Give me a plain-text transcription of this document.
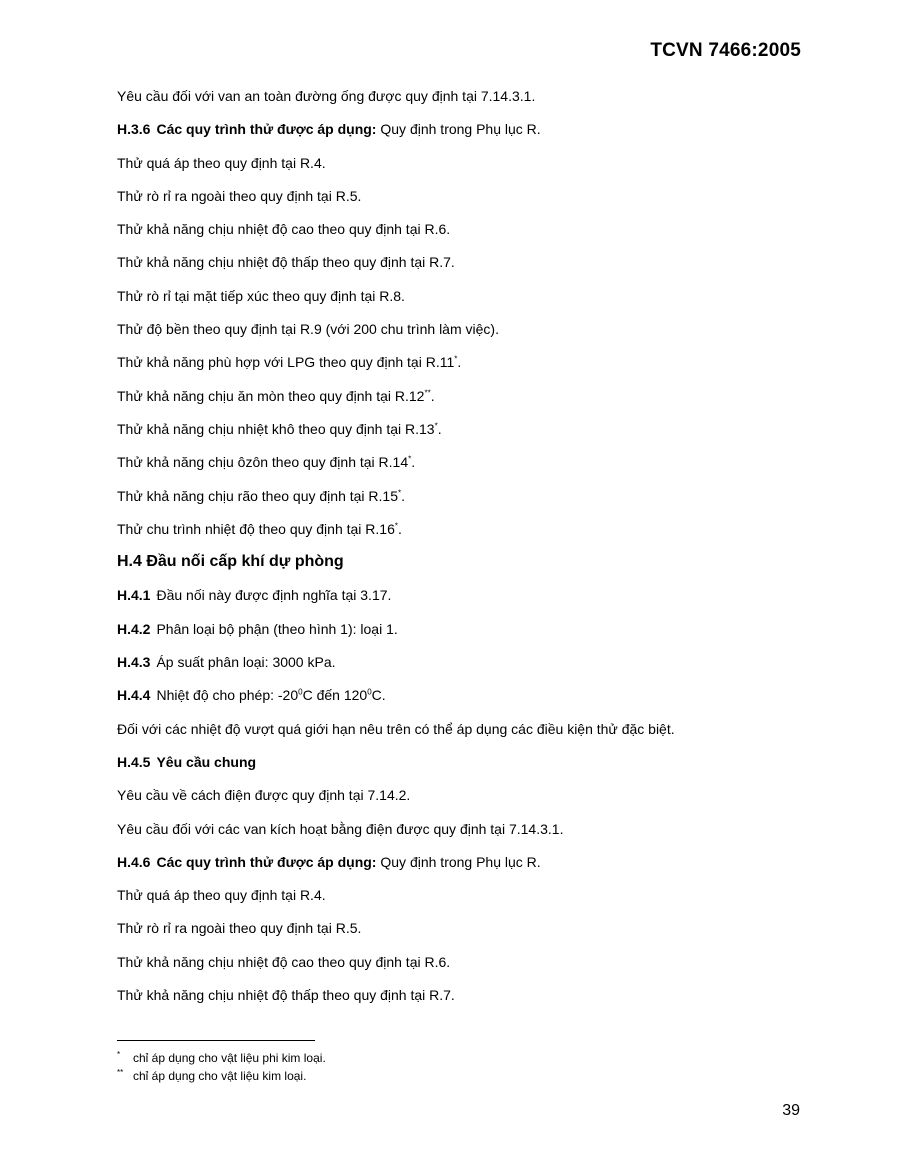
TCVN 7466:2005
Yêu cầu đối với van an toàn đường ống được quy định tại 7.14.3.1.
H.3.6 Các quy trình thử được áp dụng: Quy định trong Phụ lục R.
Thử quá áp theo quy định tại R.4.
Thử rò rỉ ra ngoài theo quy định tại R.5.
Thử khả năng chịu nhiệt độ cao theo quy định tại R.6.
Thử khả năng chịu nhiệt độ thấp theo quy định tại R.7.
Thử rò rỉ tại mặt tiếp xúc theo quy định tại R.8.
Thử độ bền theo quy định tại R.9 (với 200 chu trình làm việc).
Thử khả năng phù hợp với LPG theo quy định tại R.11*.
Thử khả năng chịu ăn mòn theo quy định tại R.12**.
Thử khả năng chịu nhiệt khô theo quy định tại R.13*.
Thử khả năng chịu ôzôn theo quy định tại R.14*.
Thử khả năng chịu rão theo quy định tại R.15*.
Thử chu trình nhiệt độ theo quy định tại R.16*.
H.4 Đầu nối cấp khí dự phòng
H.4.1 Đầu nối này được định nghĩa tại 3.17.
H.4.2 Phân loại bộ phận (theo hình 1): loại 1.
H.4.3 Áp suất phân loại: 3000 kPa.
H.4.4 Nhiệt độ cho phép: $-20^0C$ đến $120^0C$.
Đối với các nhiệt độ vượt quá giới hạn nêu trên có thể áp dụng các điều kiện thử đặc biệt.
H.4.5 Yêu cầu chung
Yêu cầu về cách điện được quy định tại 7.14.2.
Yêu cầu đối với các van kích hoạt bằng điện được quy định tại 7.14.3.1.
H.4.6 Các quy trình thử được áp dụng: Quy định trong Phụ lục R.
Thử quá áp theo quy định tại R.4.
Thử rò rỉ ra ngoài theo quy định tại R.5.
Thử khả năng chịu nhiệt độ cao theo quy định tại R.6.
Thử khả năng chịu nhiệt độ thấp theo quy định tại R.7.
* chỉ áp dụng cho vật liệu phi kim loại.
** chỉ áp dụng cho vật liệu kim loại.
39
